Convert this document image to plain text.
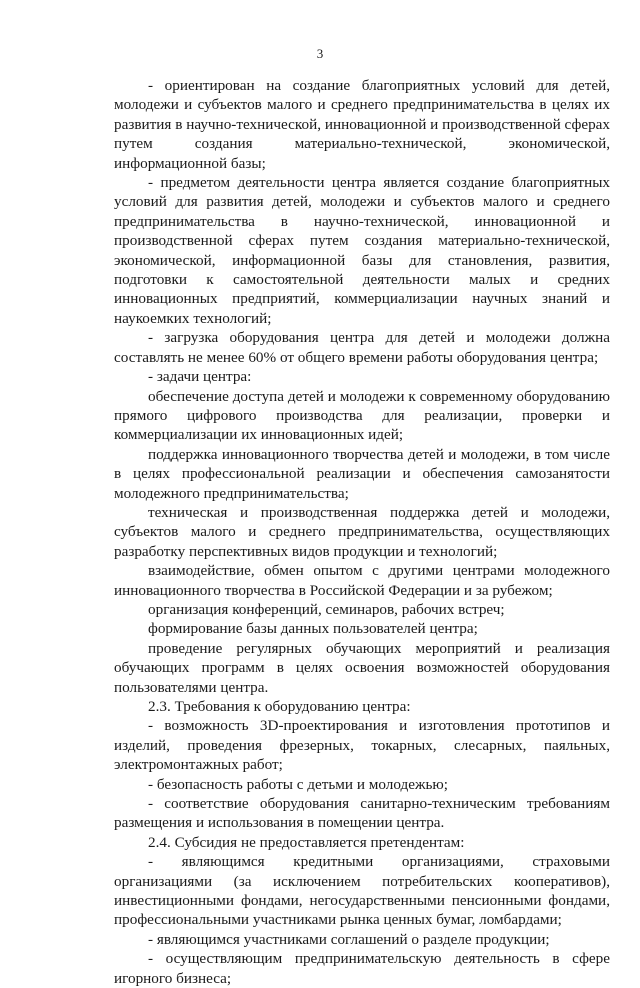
3

- ориентирован на создание благоприятных условий для детей, молодежи и субъектов малого и среднего предпринимательства в целях их развития в научно-технической, инновационной и производственной сферах путем создания материально-технической, экономической, информационной базы;

- предметом деятельности центра является создание благоприятных условий для развития детей, молодежи и субъектов малого и среднего предпринимательства в научно-технической, инновационной и производственной сферах путем создания материально-технической, экономической, информационной базы для становления, развития, подготовки к самостоятельной деятельности малых и средних инновационных предприятий, коммерциализации научных знаний и наукоемких технологий;

- загрузка оборудования центра для детей и молодежи должна составлять не менее 60% от общего времени работы оборудования центра;

- задачи центра:

обеспечение доступа детей и молодежи к современному оборудованию прямого цифрового производства для реализации, проверки и коммерциализации их инновационных идей;

поддержка инновационного творчества детей и молодежи, в том числе в целях профессиональной реализации и обеспечения самозанятости молодежного предпринимательства;

техническая и производственная поддержка детей и молодежи, субъектов малого и среднего предпринимательства, осуществляющих разработку перспективных видов продукции и технологий;

взаимодействие, обмен опытом с другими центрами молодежного инновационного творчества в Российской Федерации и за рубежом;

организация конференций, семинаров, рабочих встреч;

формирование базы данных пользователей центра;

проведение регулярных обучающих мероприятий и реализация обучающих программ в целях освоения возможностей оборудования пользователями центра.

2.3. Требования к оборудованию центра:

- возможность 3D-проектирования и изготовления прототипов и изделий, проведения фрезерных, токарных, слесарных, паяльных, электромонтажных работ;

- безопасность работы с детьми и молодежью;

- соответствие оборудования санитарно-техническим требованиям размещения и использования в помещении центра.

2.4. Субсидия не предоставляется претендентам:

- являющимся кредитными организациями, страховыми организациями (за исключением потребительских кооперативов), инвестиционными фондами, негосударственными пенсионными фондами, профессиональными участниками рынка ценных бумаг, ломбардами;

- являющимся участниками соглашений о разделе продукции;

- осуществляющим предпринимательскую деятельность в сфере игорного бизнеса;
